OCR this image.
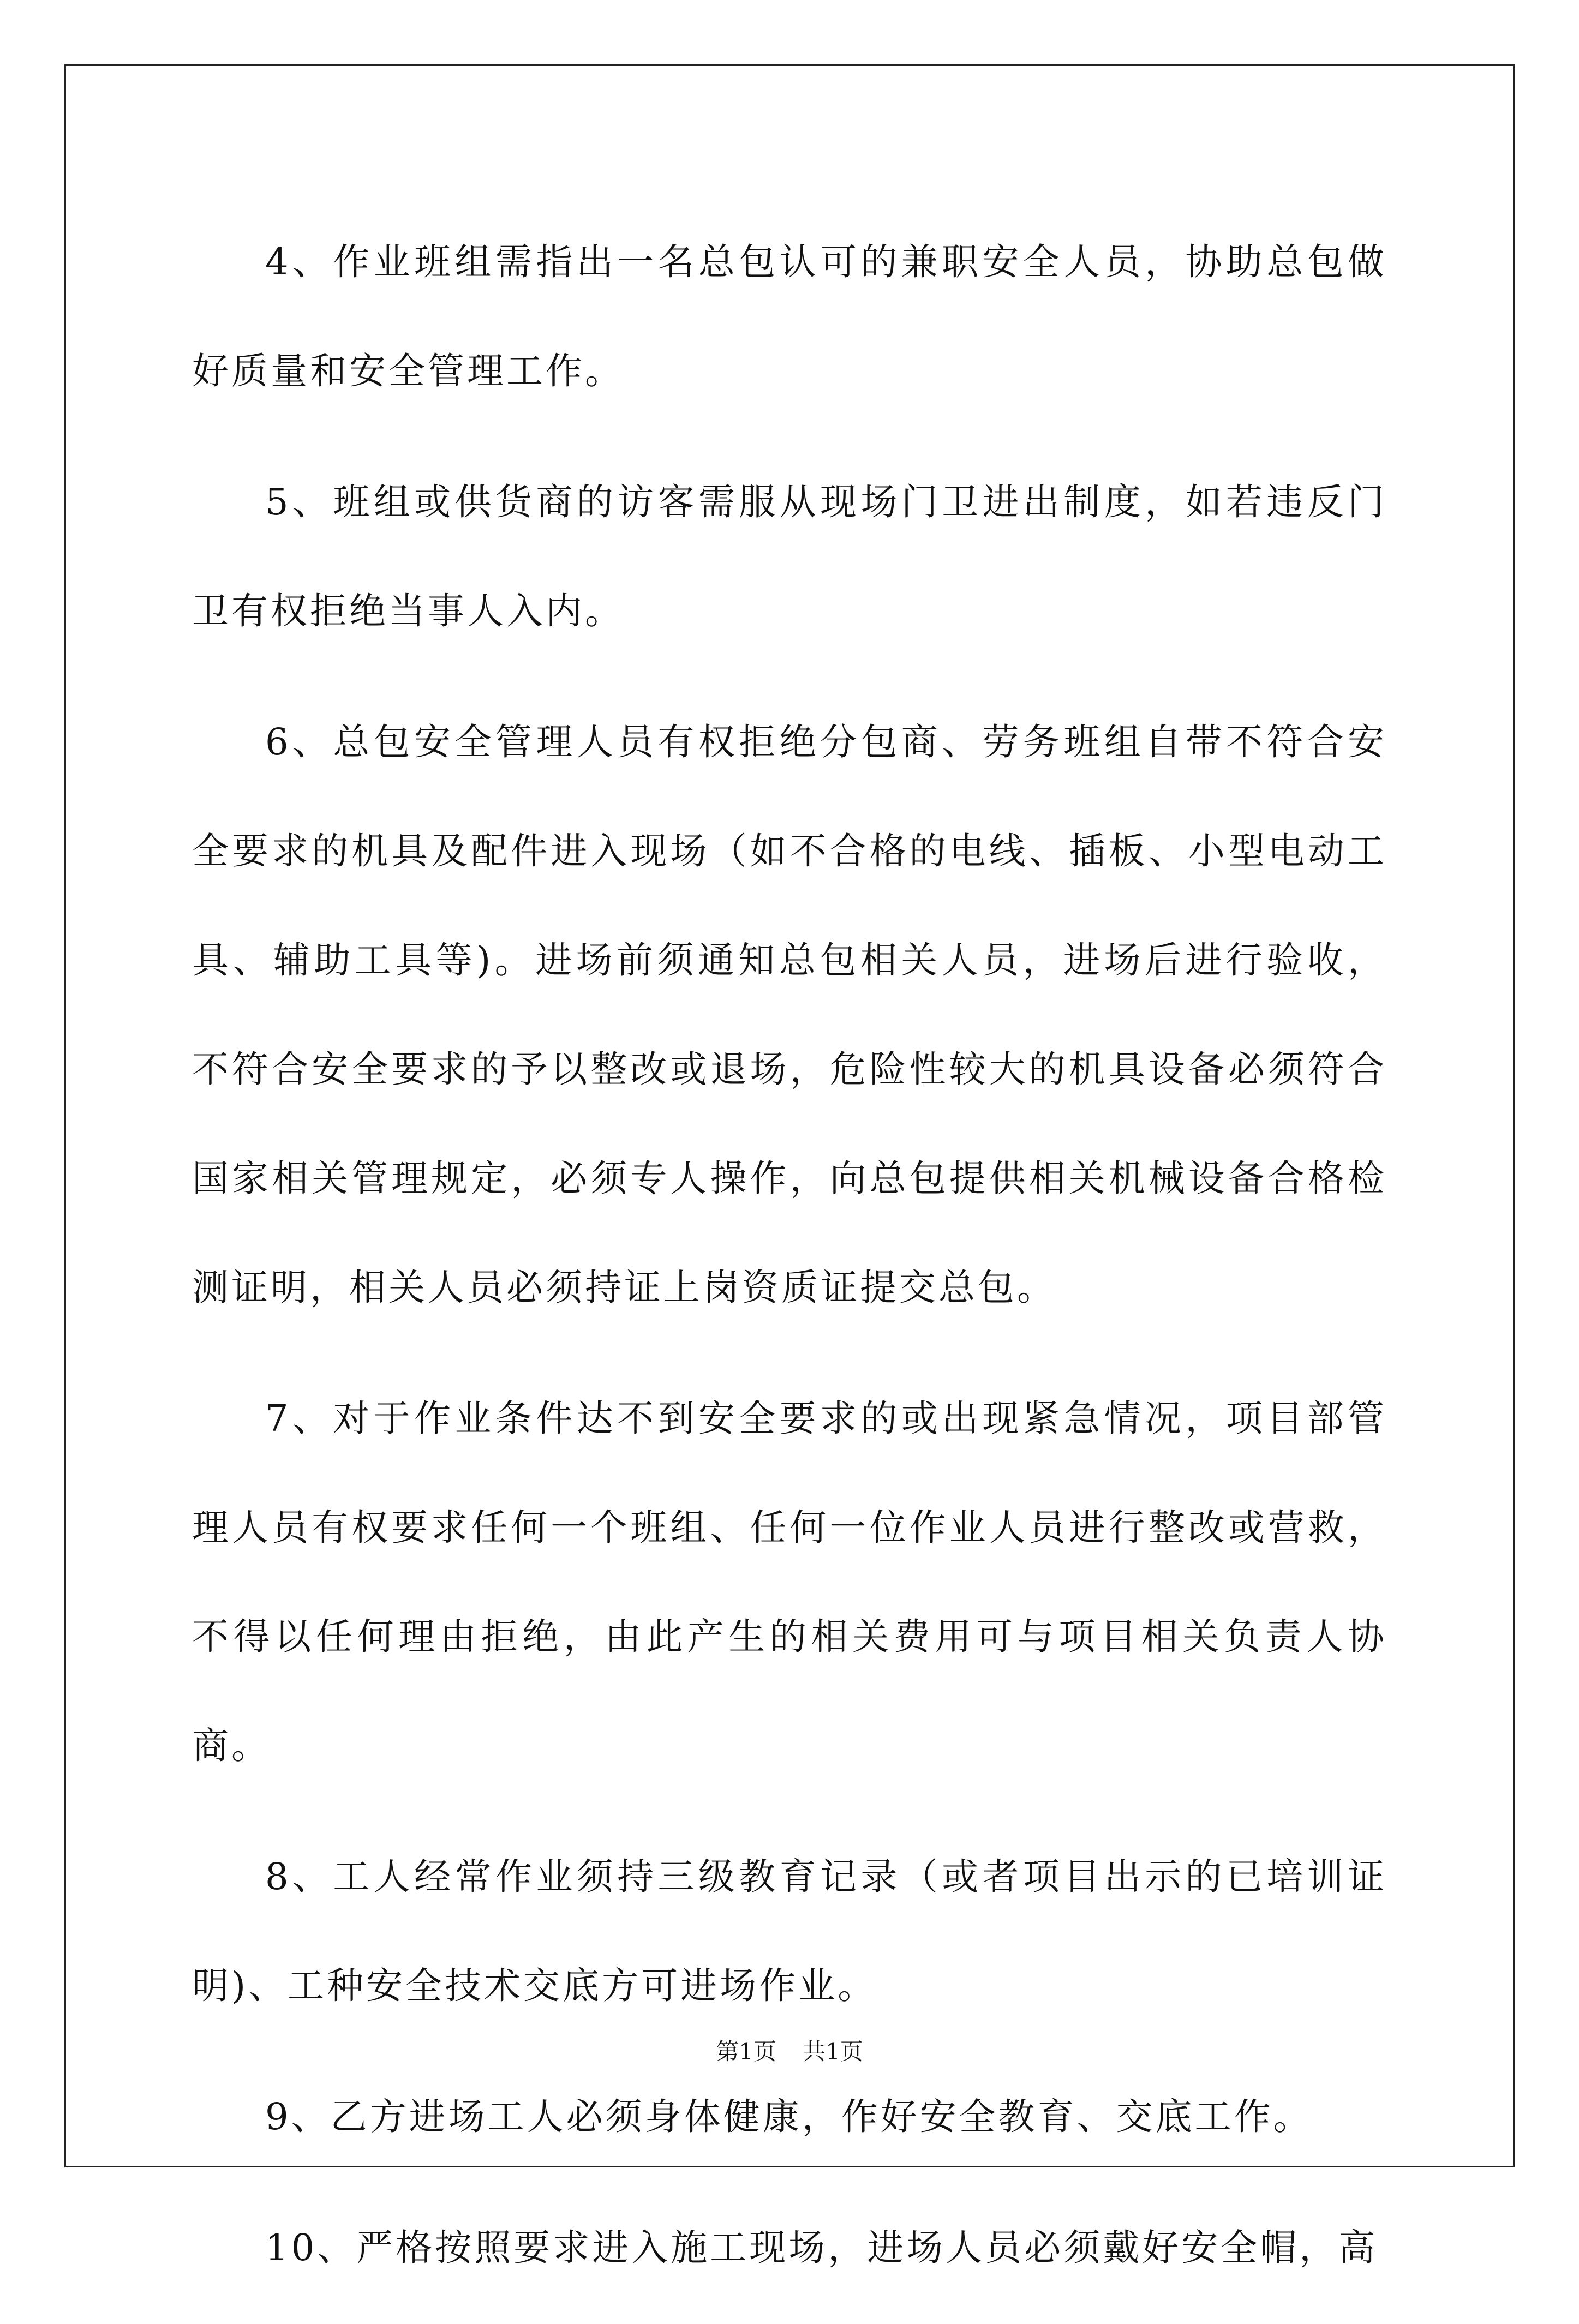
4、作业班组需指出一名总包认可的兼职安全人员，协助总包做好质量和安全管理工作。

5、班组或供货商的访客需服从现场门卫进出制度，如若违反门卫有权拒绝当事人入内。

6、总包安全管理人员有权拒绝分包商、劳务班组自带不符合安全要求的机具及配件进入现场（如不合格的电线、插板、小型电动工具、辅助工具等)。进场前须通知总包相关人员，进场后进行验收，不符合安全要求的予以整改或退场，危险性较大的机具设备必须符合国家相关管理规定，必须专人操作，向总包提供相关机械设备合格检测证明，相关人员必须持证上岗资质证提交总包。

7、对于作业条件达不到安全要求的或出现紧急情况，项目部管理人员有权要求任何一个班组、任何一位作业人员进行整改或营救，不得以任何理由拒绝，由此产生的相关费用可与项目相关负责人协商。

8、工人经常作业须持三级教育记录（或者项目出示的已培训证明)、工种安全技术交底方可进场作业。

9、乙方进场工人必须身体健康，作好安全教育、交底工作。

10、严格按照要求进入施工现场，进场人员必须戴好安全帽，高

第1页 共1页
